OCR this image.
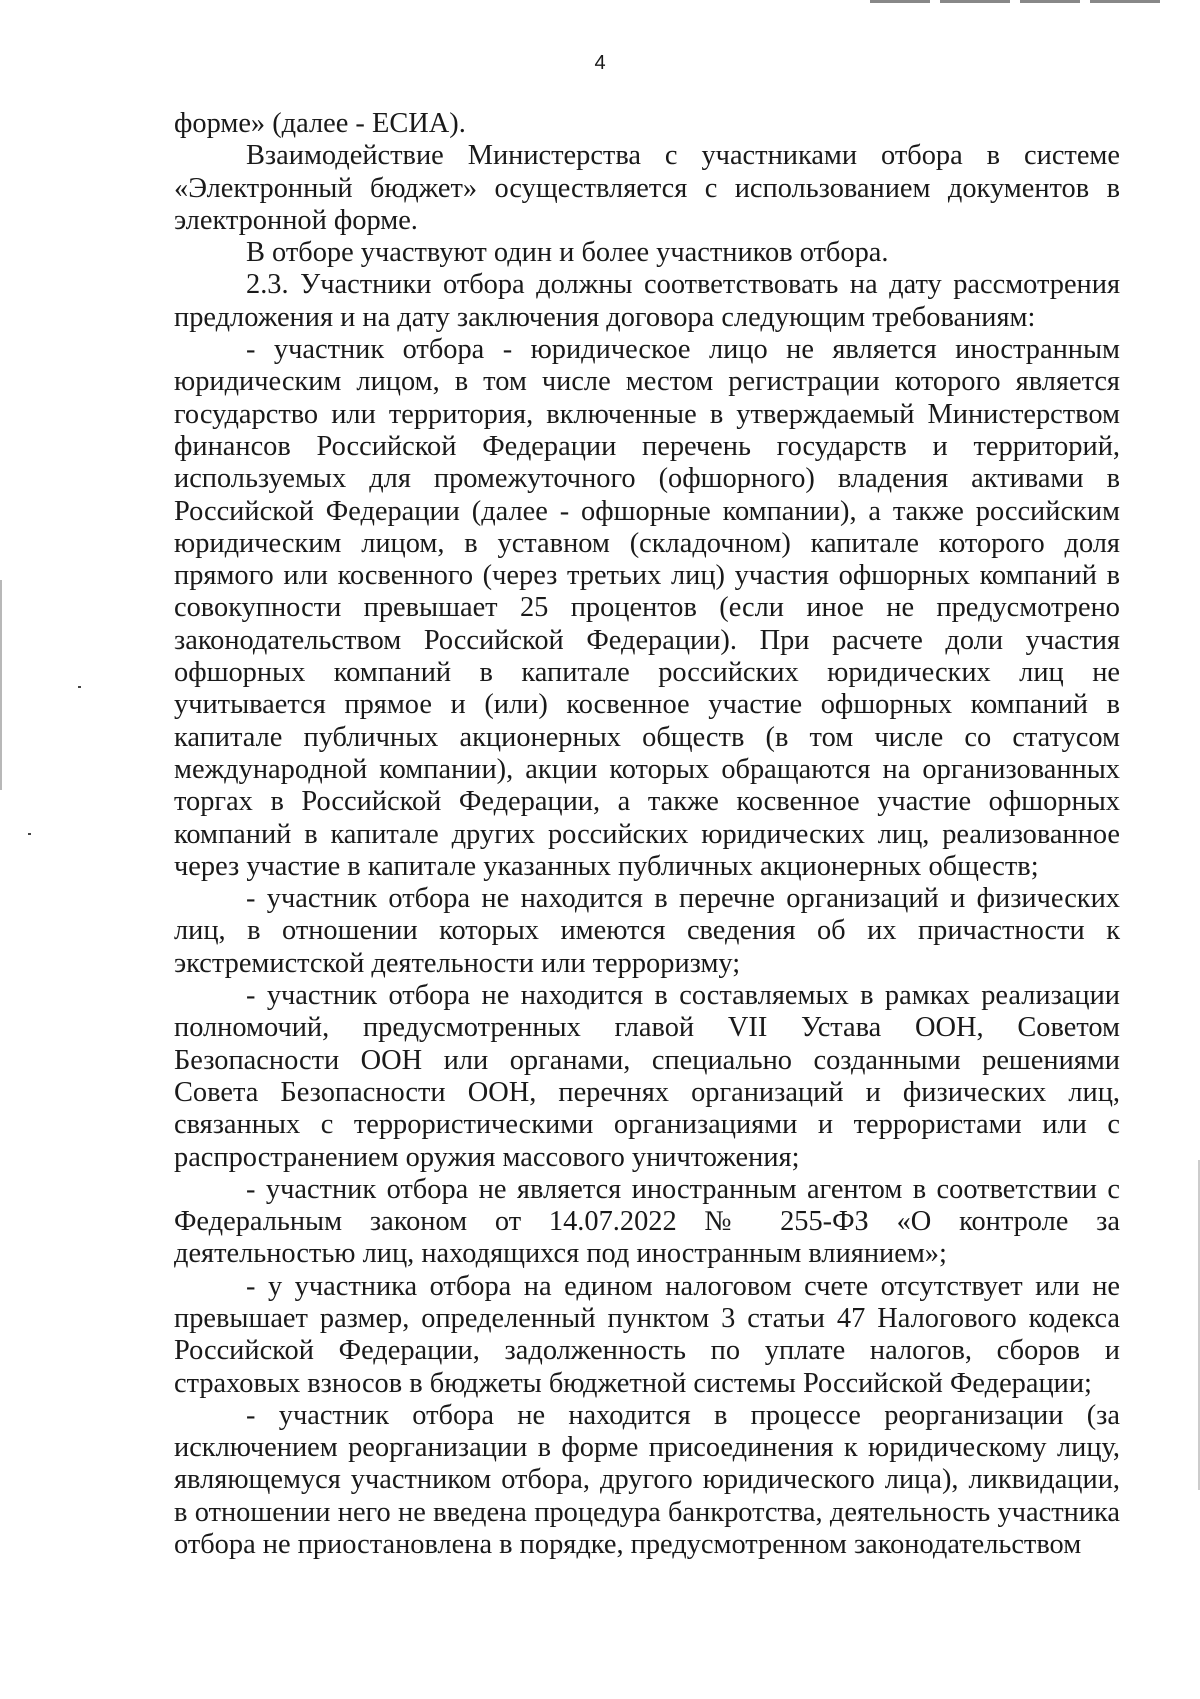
4

форме» (далее - ЕСИА).

Взаимодействие Министерства с участниками отбора в системе «Электронный бюджет» осуществляется с использованием документов в электронной форме.

В отборе участвуют один и более участников отбора.

2.3. Участники отбора должны соответствовать на дату рассмотрения предложения и на дату заключения договора следующим требованиям:

- участник отбора - юридическое лицо не является иностранным юридическим лицом, в том числе местом регистрации которого является государство или территория, включенные в утверждаемый Министерством финансов Российской Федерации перечень государств и территорий, используемых для промежуточного (офшорного) владения активами в Российской Федерации (далее - офшорные компании), а также российским юридическим лицом, в уставном (складочном) капитале которого доля прямого или косвенного (через третьих лиц) участия офшорных компаний в совокупности превышает 25 процентов (если иное не предусмотрено законодательством Российской Федерации). При расчете доли участия офшорных компаний в капитале российских юридических лиц не учитывается прямое и (или) косвенное участие офшорных компаний в капитале публичных акционерных обществ (в том числе со статусом международной компании), акции которых обращаются на организованных торгах в Российской Федерации, а также косвенное участие офшорных компаний в капитале других российских юридических лиц, реализованное через участие в капитале указанных публичных акционерных обществ;

- участник отбора не находится в перечне организаций и физических лиц, в отношении которых имеются сведения об их причастности к экстремистской деятельности или терроризму;

- участник отбора не находится в составляемых в рамках реализации полномочий, предусмотренных главой VII Устава ООН, Советом Безопасности ООН или органами, специально созданными решениями Совета Безопасности ООН, перечнях организаций и физических лиц, связанных с террористическими организациями и террористами или с распространением оружия массового уничтожения;

- участник отбора не является иностранным агентом в соответствии с Федеральным законом от 14.07.2022 № 255-ФЗ «О контроле за деятельностью лиц, находящихся под иностранным влиянием»;

- у участника отбора на едином налоговом счете отсутствует или не превышает размер, определенный пунктом 3 статьи 47 Налогового кодекса Российской Федерации, задолженность по уплате налогов, сборов и страховых взносов в бюджеты бюджетной системы Российской Федерации;

- участник отбора не находится в процессе реорганизации (за исключением реорганизации в форме присоединения к юридическому лицу, являющемуся участником отбора, другого юридического лица), ликвидации, в отношении него не введена процедура банкротства, деятельность участника отбора не приостановлена в порядке, предусмотренном законодательством
